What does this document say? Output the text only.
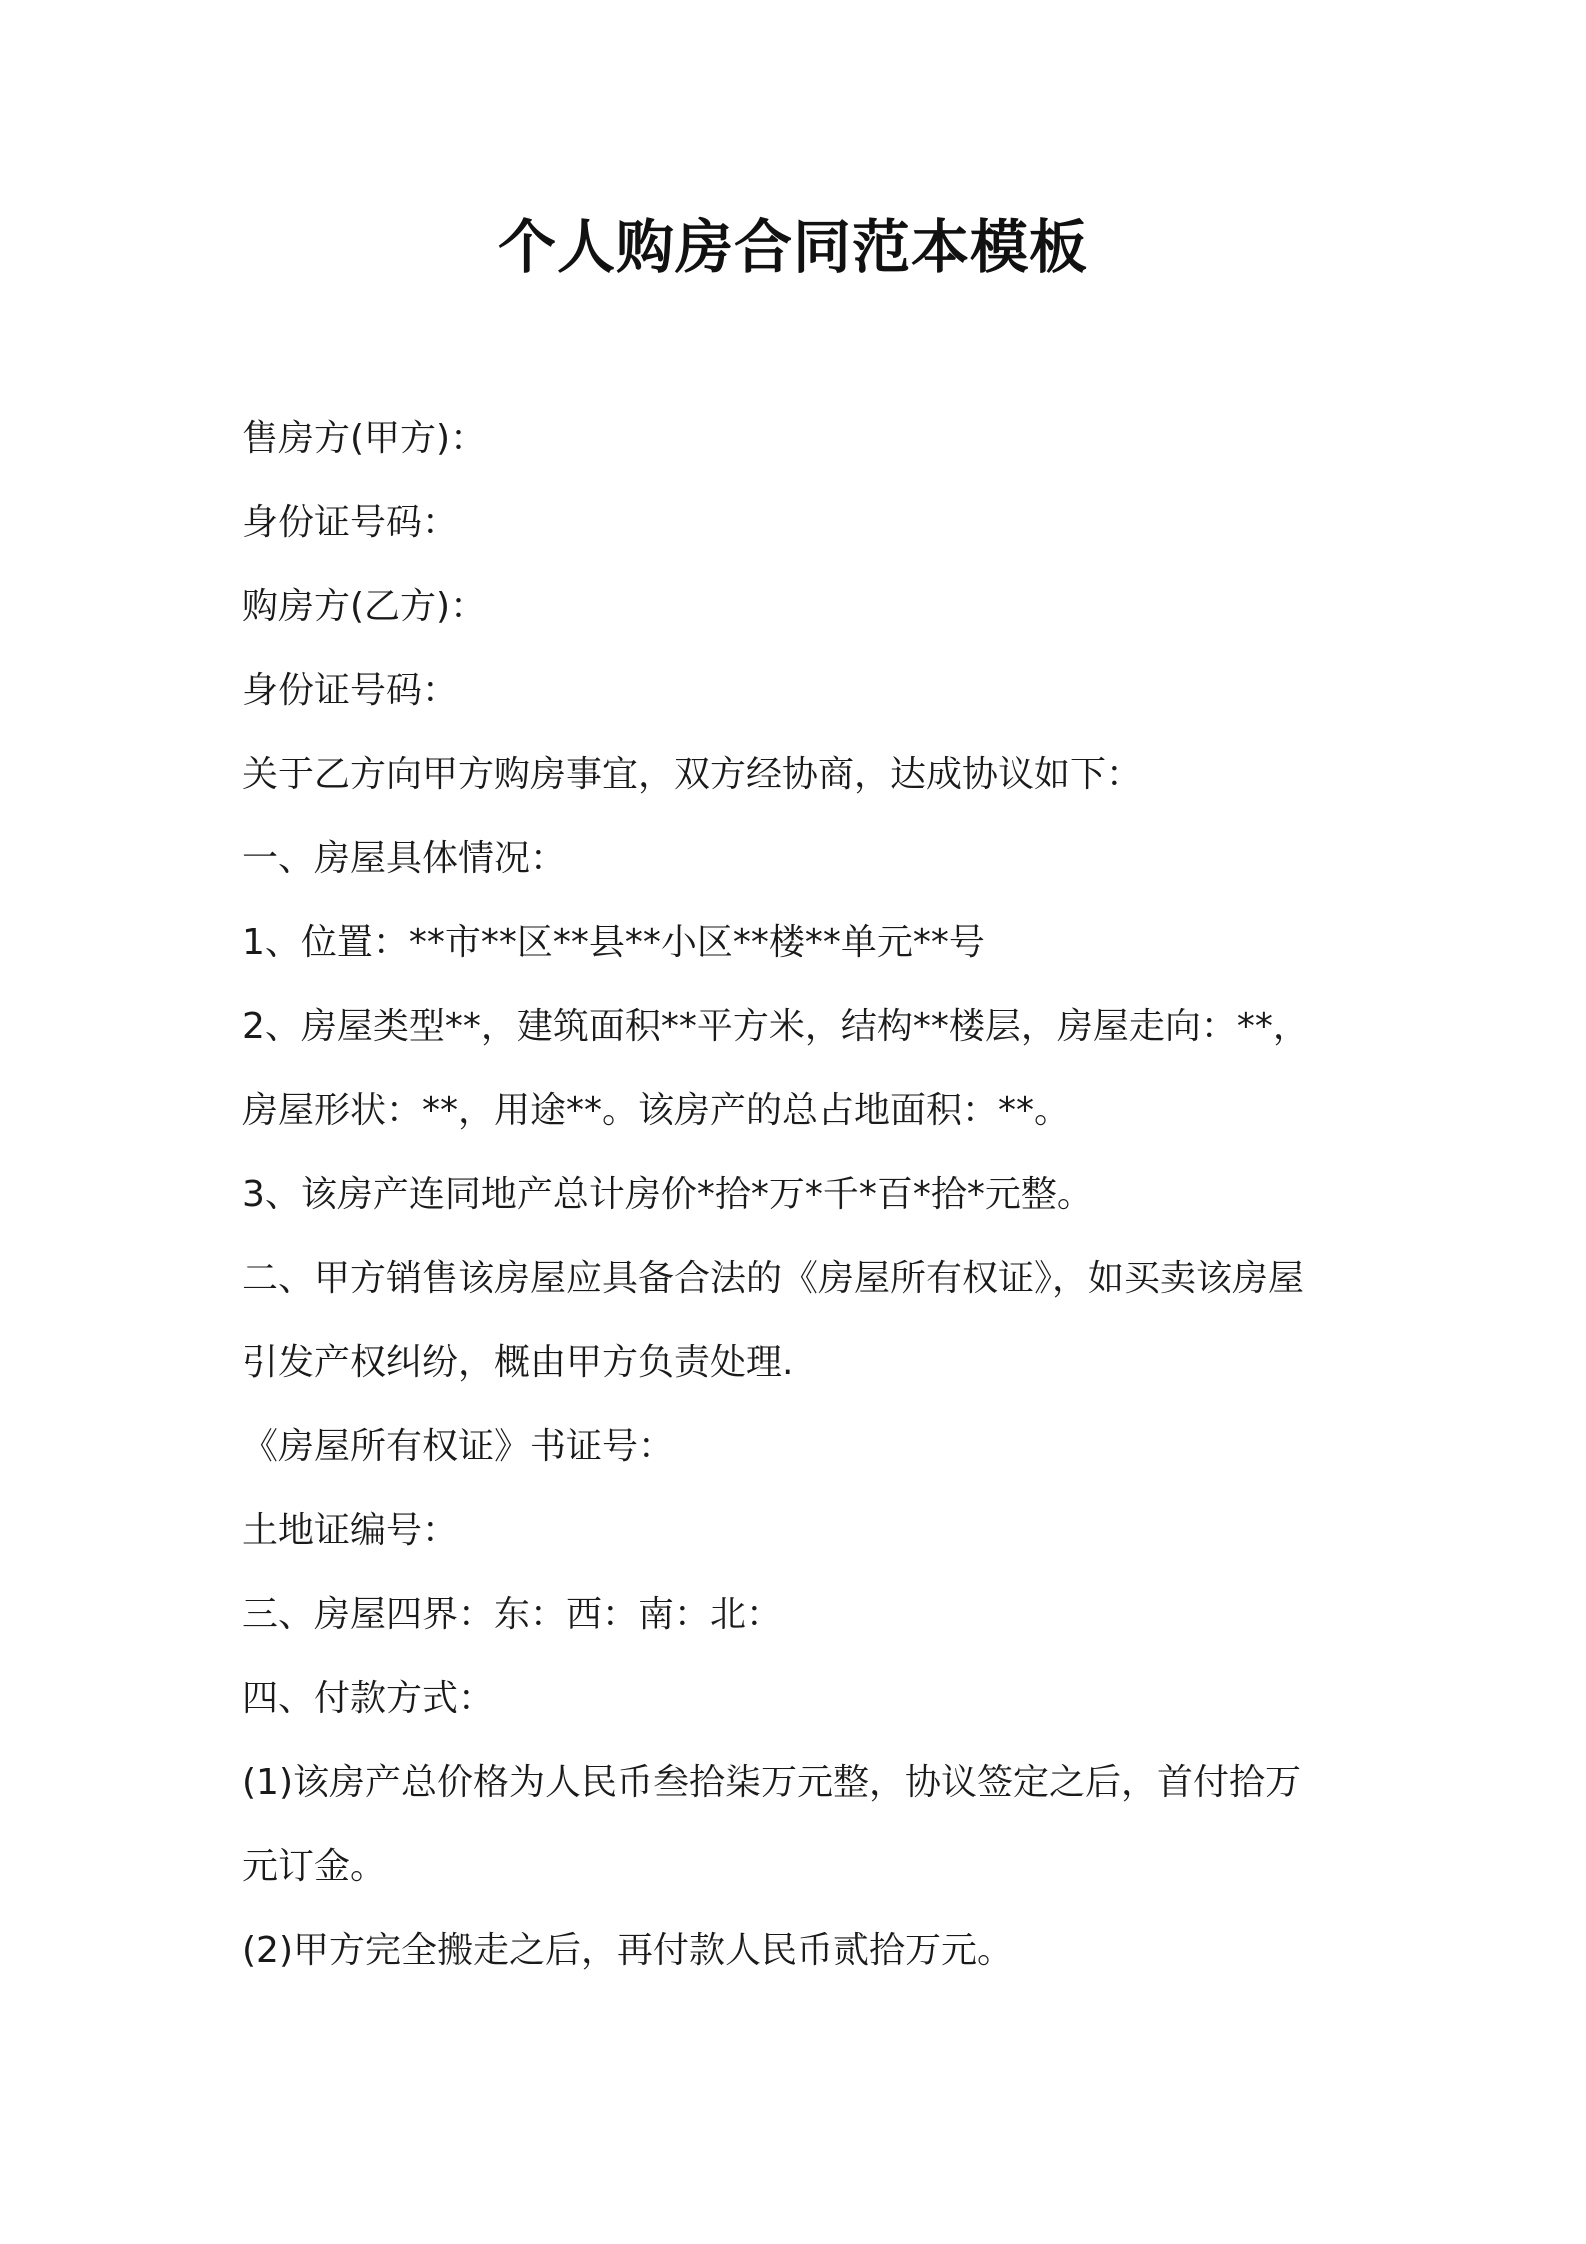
个人购房合同范本模板
售房方(甲方)：
身份证号码：
购房方(乙方)：
身份证号码：
关于乙方向甲方购房事宜，双方经协商，达成协议如下：
一、房屋具体情况：
1、位置：**市**区**县**小区**楼**单元**号
2、房屋类型**，建筑面积**平方米，结构**楼层，房屋走向：**，
房屋形状：**，用途**。该房产的总占地面积：**。
3、该房产连同地产总计房价*拾*万*千*百*拾*元整。
二、甲方销售该房屋应具备合法的《房屋所有权证》，如买卖该房屋
引发产权纠纷，概由甲方负责处理.
《房屋所有权证》书证号：
土地证编号：
三、房屋四界：东：西：南：北：
四、付款方式：
(1)该房产总价格为人民币叁拾柒万元整，协议签定之后，首付拾万
元订金。
(2)甲方完全搬走之后，再付款人民币贰拾万元。
